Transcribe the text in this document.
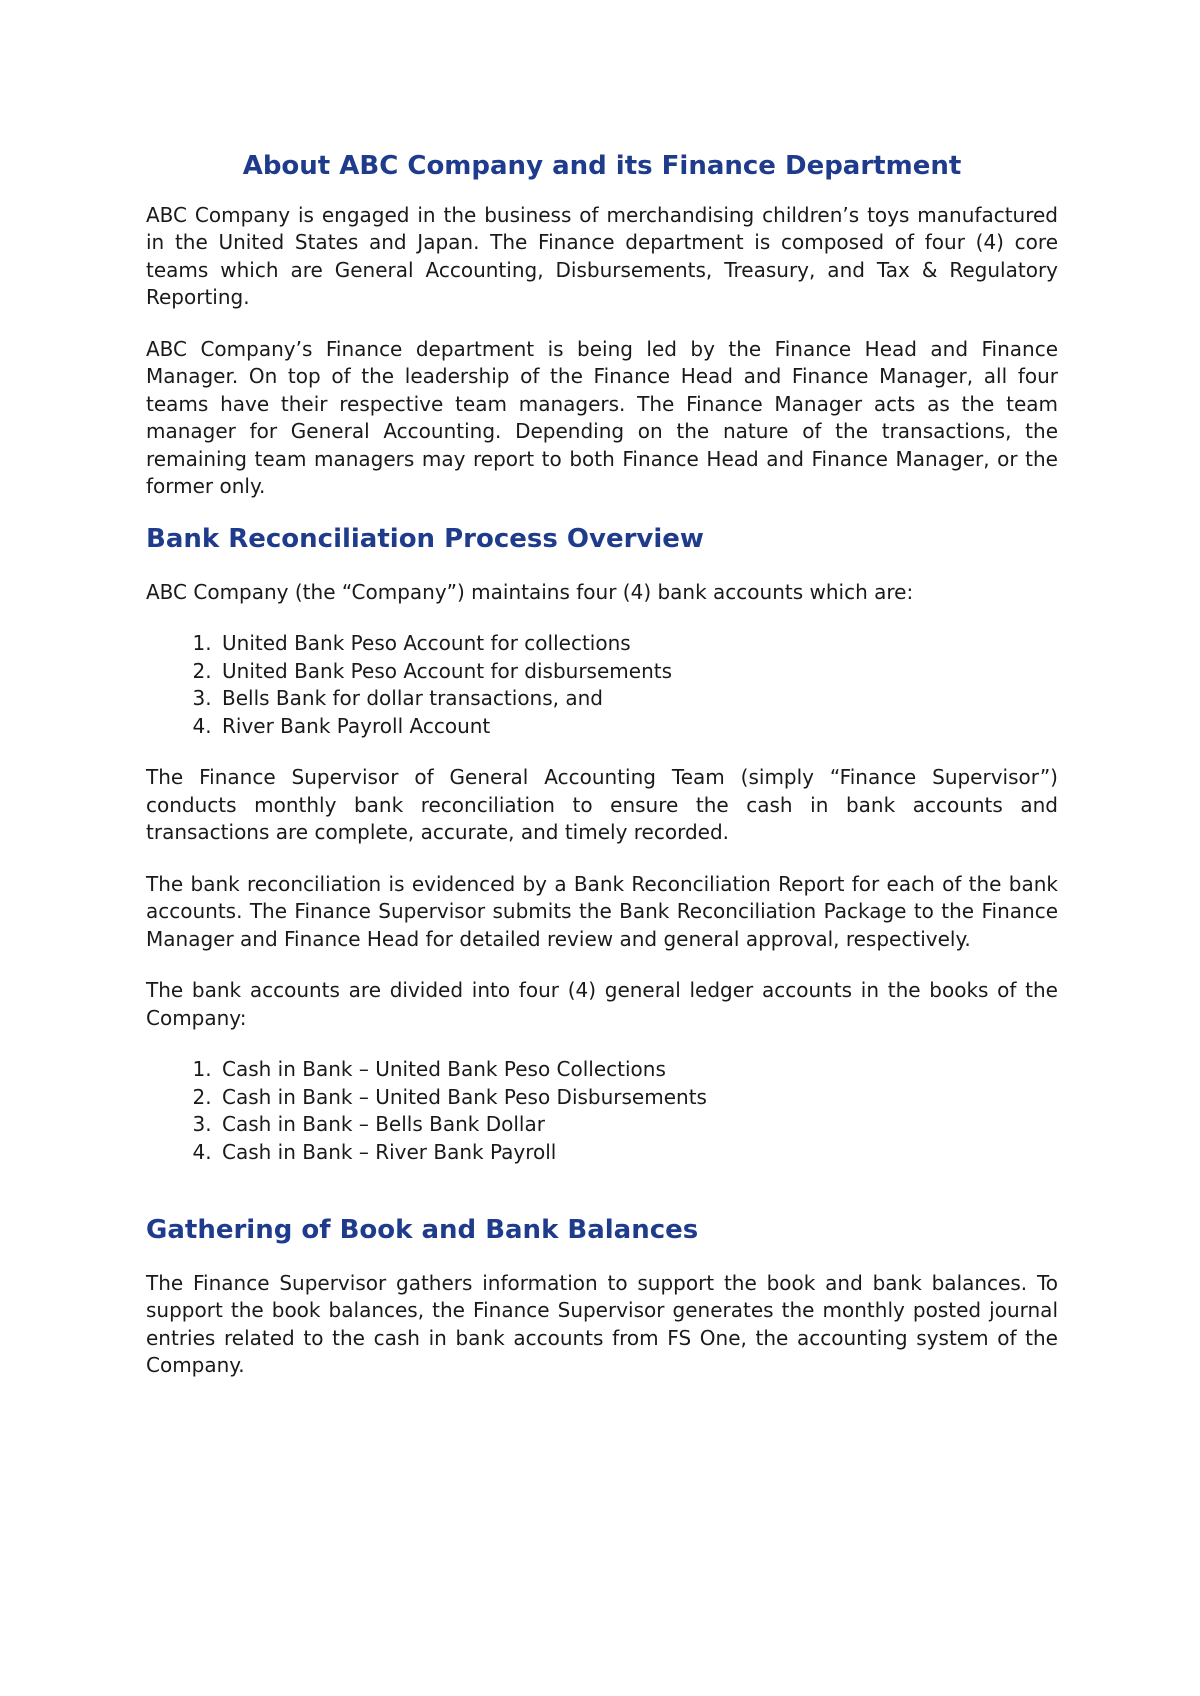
About ABC Company and its Finance Department

ABC Company is engaged in the business of merchandising children’s toys manufactured in the United States and Japan. The Finance department is composed of four (4) core teams which are General Accounting, Disbursements, Treasury, and Tax & Regulatory Reporting.

ABC Company’s Finance department is being led by the Finance Head and Finance Manager. On top of the leadership of the Finance Head and Finance Manager, all four teams have their respective team managers. The Finance Manager acts as the team manager for General Accounting. Depending on the nature of the transactions, the remaining team managers may report to both Finance Head and Finance Manager, or the former only.

Bank Reconciliation Process Overview

ABC Company (the “Company”) maintains four (4) bank accounts which are:

1. United Bank Peso Account for collections
2. United Bank Peso Account for disbursements
3. Bells Bank for dollar transactions, and
4. River Bank Payroll Account

The Finance Supervisor of General Accounting Team (simply “Finance Supervisor”) conducts monthly bank reconciliation to ensure the cash in bank accounts and transactions are complete, accurate, and timely recorded.

The bank reconciliation is evidenced by a Bank Reconciliation Report for each of the bank accounts. The Finance Supervisor submits the Bank Reconciliation Package to the Finance Manager and Finance Head for detailed review and general approval, respectively.

The bank accounts are divided into four (4) general ledger accounts in the books of the Company:

1. Cash in Bank – United Bank Peso Collections
2. Cash in Bank – United Bank Peso Disbursements
3. Cash in Bank – Bells Bank Dollar
4. Cash in Bank – River Bank Payroll
Gathering of Book and Bank Balances

The Finance Supervisor gathers information to support the book and bank balances. To support the book balances, the Finance Supervisor generates the monthly posted journal entries related to the cash in bank accounts from FS One, the accounting system of the Company.
